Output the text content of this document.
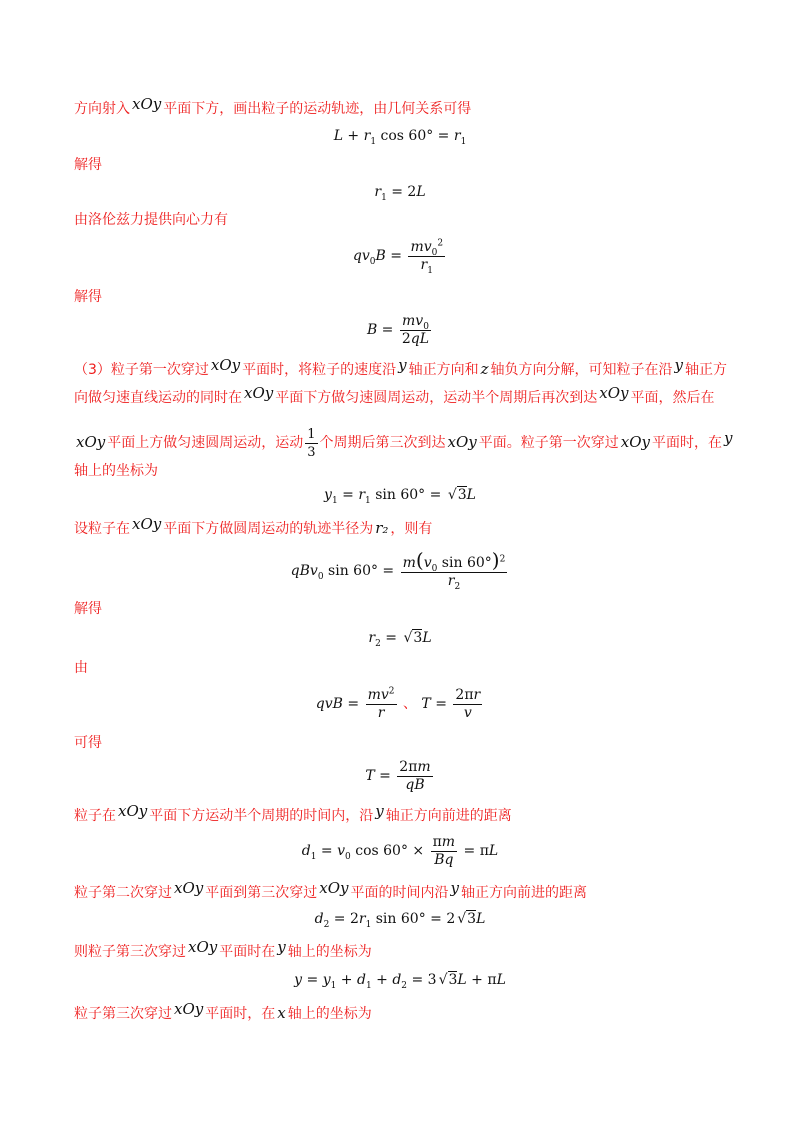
方向射入 xOy 平面下方，画出粒子的运动轨迹，由几何关系可得
$L + r_1$ $\cos 60^\circ = r_1$
解得
$r_1 = 2L$
由洛伦兹力提供向心力有
$qv_0B = \frac{mv_0^2}{r_1}$
解得
$B = \frac{mv_0}{2qL}$
（3）粒子第一次穿过 xOy 平面时，将粒子的速度沿 y 轴正方向和 z 轴负方向分解，可知粒子在沿 y 轴正方
向做匀速直线运动的同时在 xOy 平面下方做匀速圆周运动，运动半个周期后再次到达 xOy 平面，然后在
xOy 平面上方做匀速圆周运动，运动 $\frac{1}{3}$ 个周期后第三次到达 xOy 平面。粒子第一次穿过 xOy 平面时，在 y
轴上的坐标为
$y_1 = r_1$ sin 60° = √3L
设粒子在 xOy 平面下方做圆周运动的轨迹半径为 r₂ ，则有
qBv$_0$ $\sin 60^\circ = \frac{m(v_0 \sin 60^\circ)^2}{r_2}$
解得
$r_2 = √3L$
由
qvB = $\frac{mv^2}{r}$ 、 $T = \frac{2\pi r}{v}$
可得
$T = \frac{2\pi m}{qB}$
粒子在 xOy 平面下方运动半个周期的时间内，沿 y 轴正方向前进的距离
$d_1 = v_0$ $\cos 60^\circ \times \frac{\pi m}{Bq} = \pi L$
粒子第二次穿过 xOy 平面到第三次穿过 xOy 平面的时间内沿 y 轴正方向前进的距离
$d_2 = 2r_1$ sin 60° = 2 √3L
则粒子第三次穿过 xOy 平面时在 y 轴上的坐标为
$y = y_1 + d_1 + d_2 = 3$ √3L + πL
粒子第三次穿过 xOy 平面时，在 x 轴上的坐标为
